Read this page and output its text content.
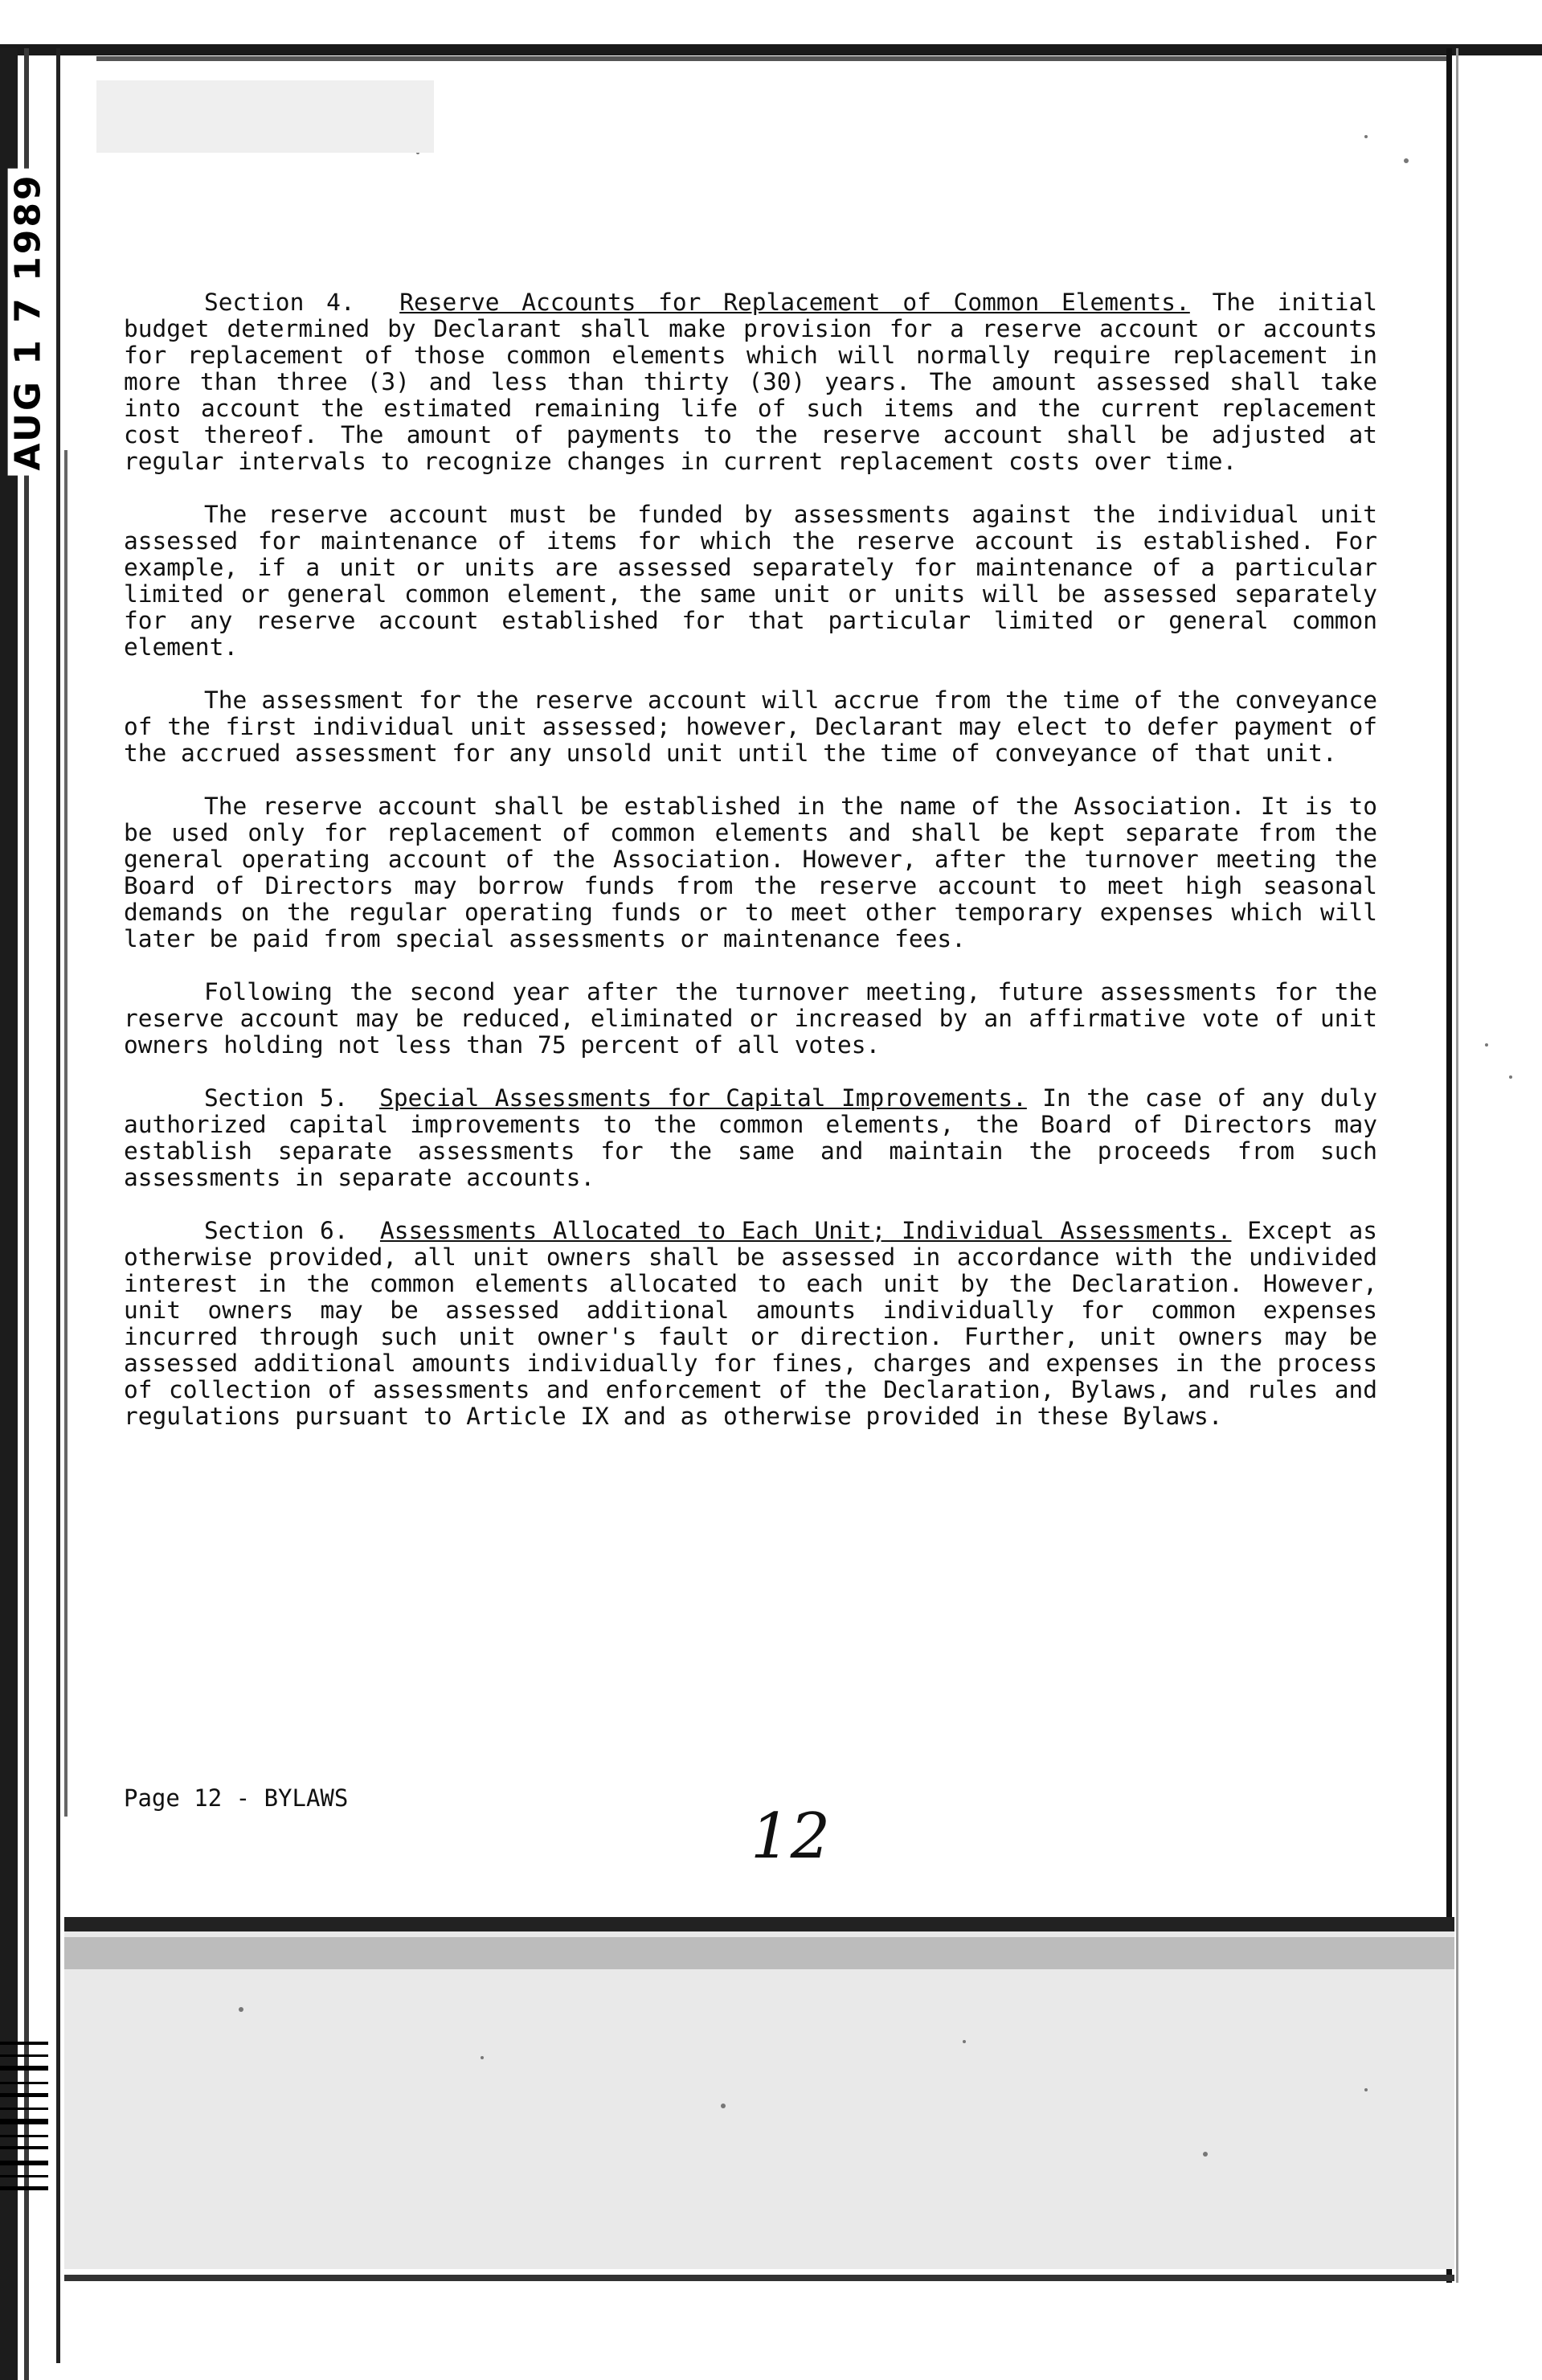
AUG 1 7 1989	Section 4. Reserve Accounts for Replacement of Common Elements. The initial budget determined by Declarant shall make provision for a reserve account or accounts for replacement of those common elements which will normally require replacement in more than three (3) and less than thirty (30) years. The amount assessed shall take into account the estimated remaining life of such items and the current replacement cost thereof. The amount of payments to the reserve account shall be adjusted at regular intervals to recognize changes in current replacement costs over time.

The reserve account must be funded by assessments against the individual unit assessed for maintenance of items for which the reserve account is established. For example, if a unit or units are assessed separately for maintenance of a particular limited or general common element, the same unit or units will be assessed separately for any reserve account established for that particular limited or general common element.

The assessment for the reserve account will accrue from the time of the conveyance of the first individual unit assessed; however, Declarant may elect to defer payment of the accrued assessment for any unsold unit until the time of conveyance of that unit.

The reserve account shall be established in the name of the Association. It is to be used only for replacement of common elements and shall be kept separate from the general operating account of the Association. However, after the turnover meeting the Board of Directors may borrow funds from the reserve account to meet high seasonal demands on the regular operating funds or to meet other temporary expenses which will later be paid from special assessments or maintenance fees.

Following the second year after the turnover meeting, future assessments for the reserve account may be reduced, eliminated or increased by an affirmative vote of unit owners holding not less than 75 percent of all votes.

Section 5. Special Assessments for Capital Improvements. In the case of any duly authorized capital improvements to the common elements, the Board of Directors may establish separate assessments for the same and maintain the proceeds from such assessments in separate accounts.

Section 6. Assessments Allocated to Each Unit; Individual Assessments. Except as otherwise provided, all unit owners shall be assessed in accordance with the undivided interest in the common elements allocated to each unit by the Declaration. However, unit owners may be assessed additional amounts individually for common expenses incurred through such unit owner's fault or direction. Further, unit owners may be assessed additional amounts individually for fines, charges and expenses in the process of collection of assessments and enforcement of the Declaration, Bylaws, and rules and regulations pursuant to Article IX and as otherwise provided in these Bylaws.

Page 12 - BYLAWS
12
